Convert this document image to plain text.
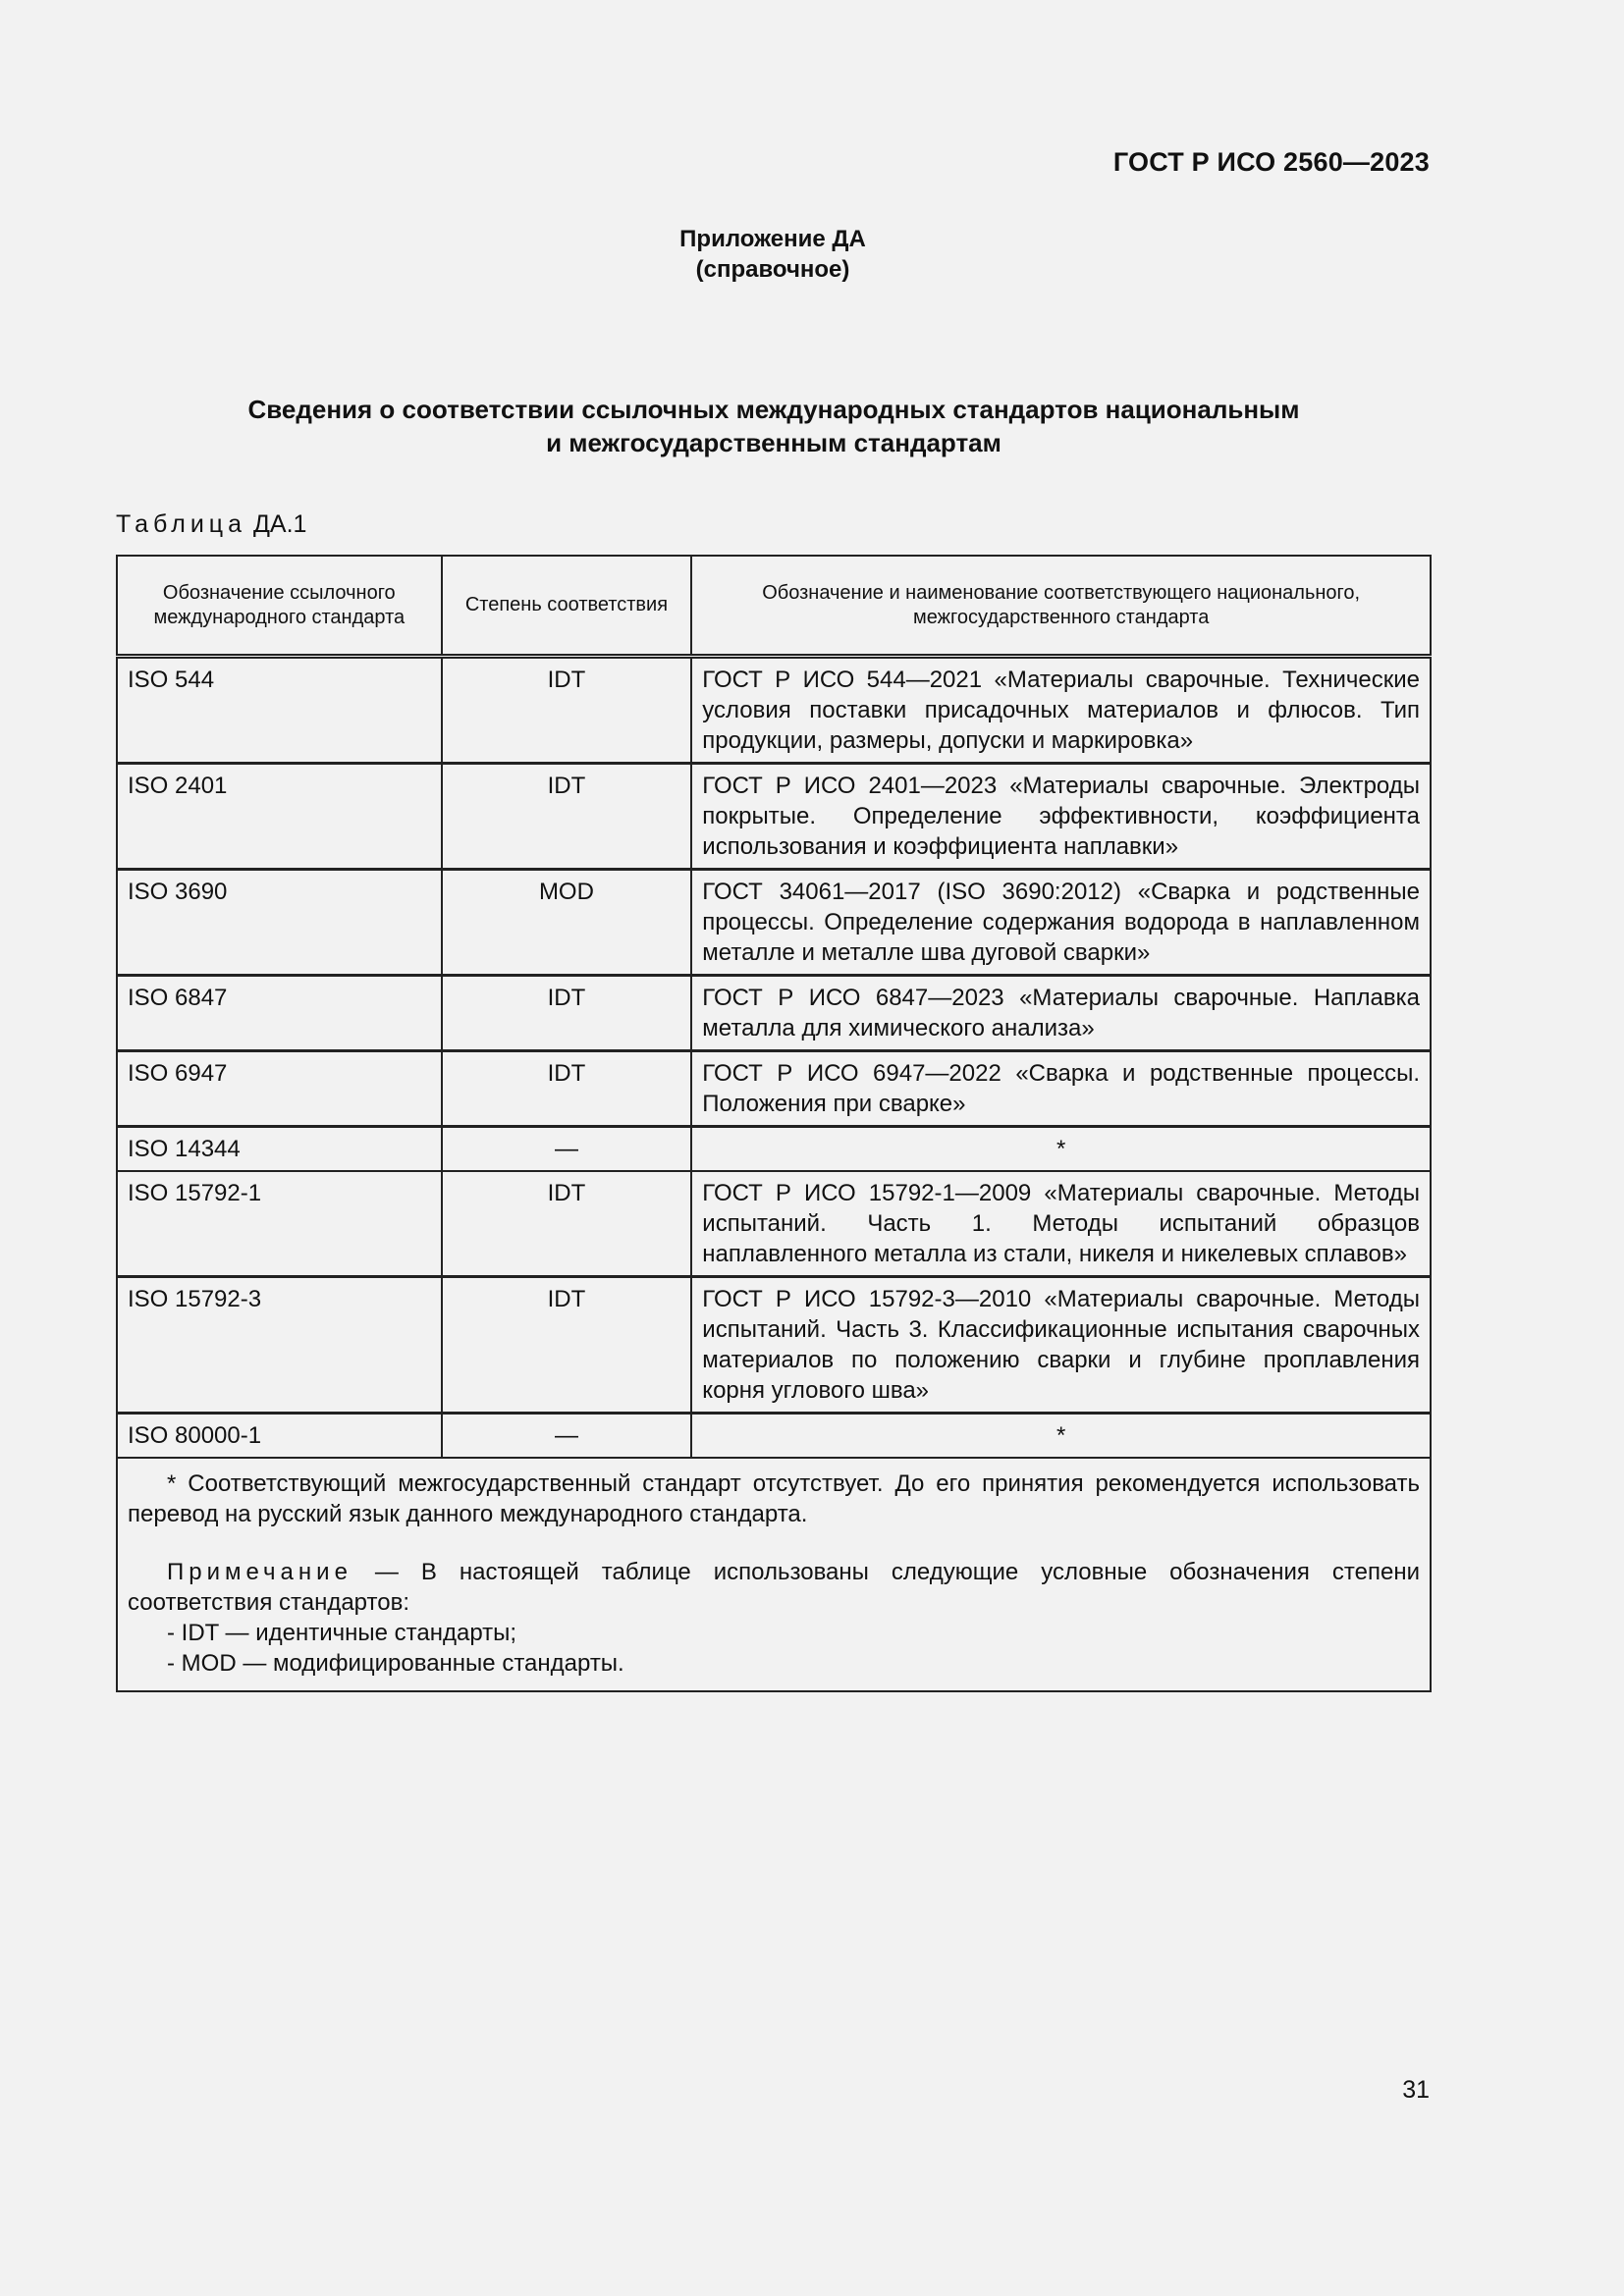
ГОСТ Р ИСО 2560—2023
Приложение ДА
(справочное)
Сведения о соответствии ссылочных международных стандартов национальным
и межгосударственным стандартам
Таблица ДА.1
Обозначение ссылочного международного стандарта	Степень соответствия	Обозначение и наименование соответствующего национального, межгосударственного стандарта
ISO 544	IDT	ГОСТ Р ИСО 544—2021 «Материалы сварочные. Технические условия поставки присадочных материалов и флюсов. Тип продукции, размеры, допуски и маркировка»
ISO 2401	IDT	ГОСТ Р ИСО 2401—2023 «Материалы сварочные. Электроды покрытые. Определение эффективности, коэффициента использования и коэффициента наплавки»
ISO 3690	MOD	ГОСТ 34061—2017 (ISO 3690:2012) «Сварка и родственные процессы. Определение содержания водорода в наплавленном металле и металле шва дуговой сварки»
ISO 6847	IDT	ГОСТ Р ИСО 6847—2023 «Материалы сварочные. Наплавка металла для химического анализа»
ISO 6947	IDT	ГОСТ Р ИСО 6947—2022 «Сварка и родственные процессы. Положения при сварке»
ISO 14344	—	*
ISO 15792-1	IDT	ГОСТ Р ИСО 15792-1—2009 «Материалы сварочные. Методы испытаний. Часть 1. Методы испытаний образцов наплавленного металла из стали, никеля и никелевых сплавов»
ISO 15792-3	IDT	ГОСТ Р ИСО 15792-3—2010 «Материалы сварочные. Методы испытаний. Часть 3. Классификационные испытания сварочных материалов по положению сварки и глубине проплавления корня углового шва»
ISO 80000-1	—	*

* Соответствующий межгосударственный стандарт отсутствует. До его принятия рекомендуется использовать перевод на русский язык данного международного стандарта.

Примечание — В настоящей таблице использованы следующие условные обозначения степени соответствия стандартов:

- IDT — идентичные стандарты;
- MOD — модифицированные стандарты.		
31
